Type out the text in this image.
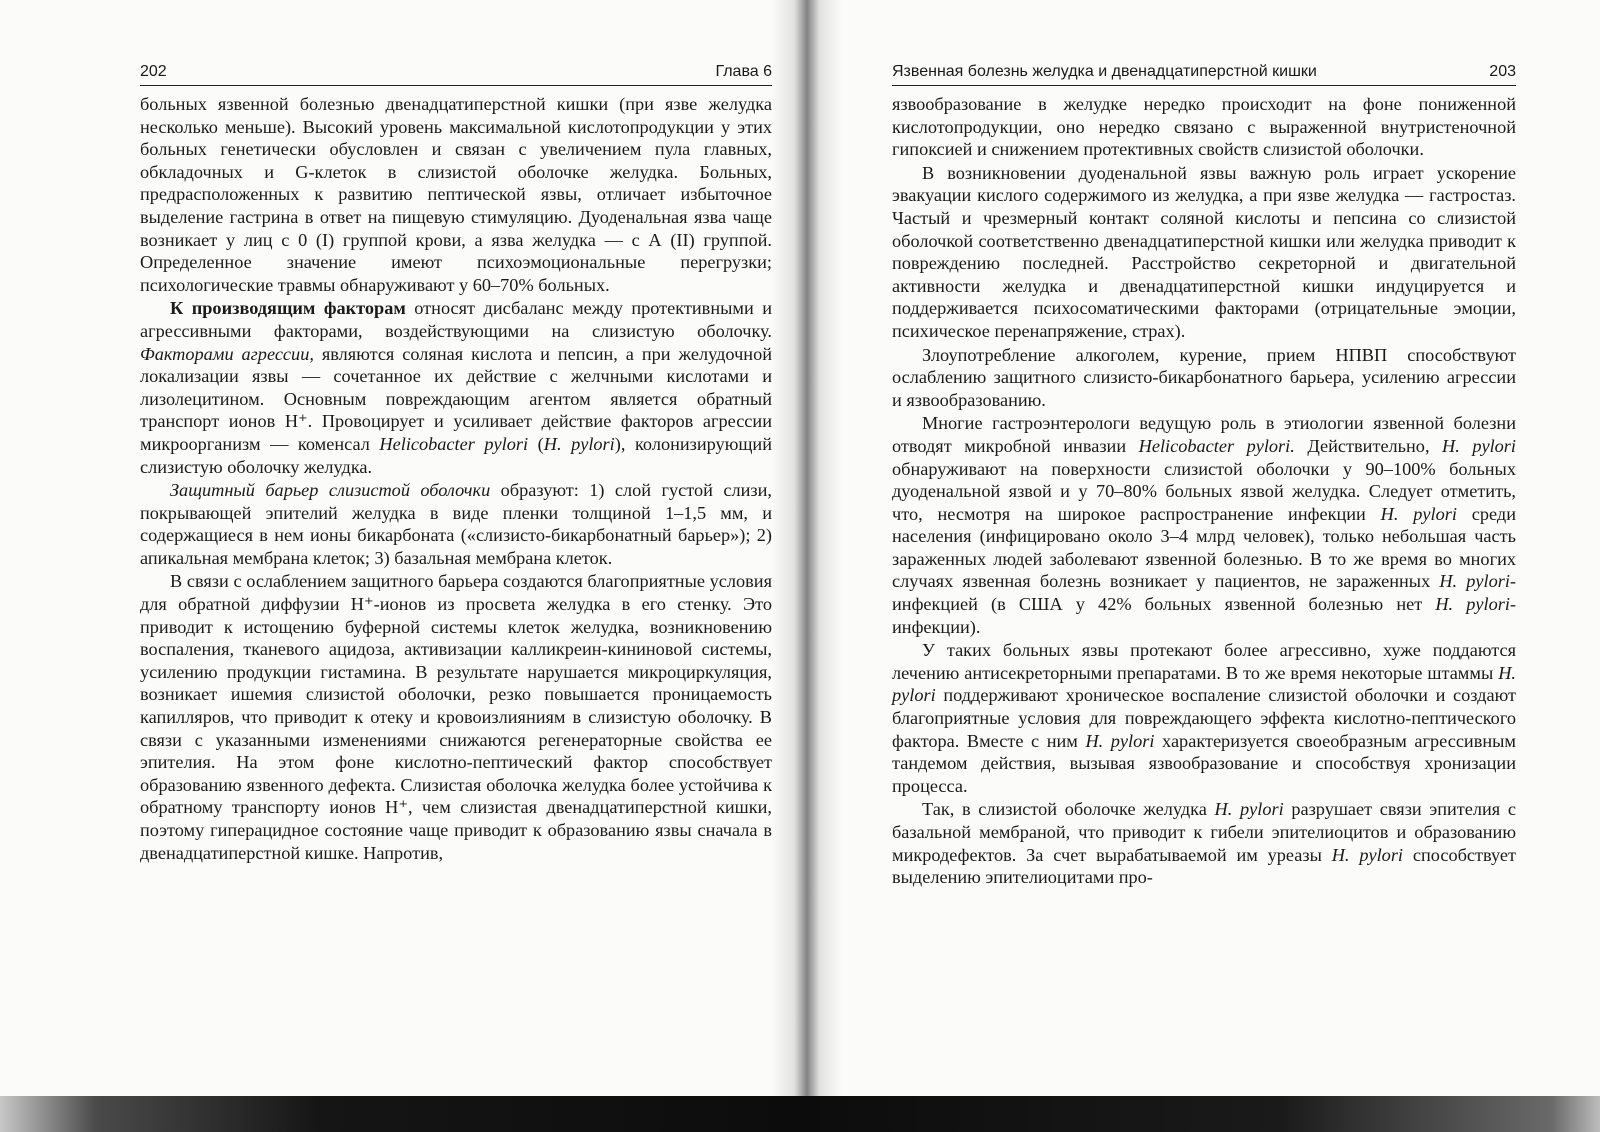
202	Глава 6

больных язвенной болезнью двенадцатиперстной кишки (при язве желудка несколько меньше). Высокий уровень максимальной кислотопродукции у этих больных генетически обусловлен и связан с увеличением пула главных, обкладочных и G-клеток в слизистой оболочке желудка. Больных, предрасположенных к развитию пептической язвы, отличает избыточное выделение гастрина в ответ на пищевую стимуляцию. Дуоденальная язва чаще возникает у лиц с 0 (I) группой крови, а язва желудка — с А (II) группой. Определенное значение имеют психоэмоциональные перегрузки; психологические травмы обнаруживают у 60–70% больных.

К производящим факторам относят дисбаланс между протективными и агрессивными факторами, воздействующими на слизистую оболочку. Факторами агрессии, являются соляная кислота и пепсин, а при желудочной локализации язвы — сочетанное их действие с желчными кислотами и лизолецитином. Основным повреждающим агентом является обратный транспорт ионов Н⁺. Провоцирует и усиливает действие факторов агрессии микроорганизм — коменсал Helicobacter pylori (H. pylori), колонизирующий слизистую оболочку желудка.

Защитный барьер слизистой оболочки образуют: 1) слой густой слизи, покрывающей эпителий желудка в виде пленки толщиной 1–1,5 мм, и содержащиеся в нем ионы бикарбоната («слизисто-бикарбонатный барьер»); 2) апикальная мембрана клеток; 3) базальная мембрана клеток.

В связи с ослаблением защитного барьера создаются благоприятные условия для обратной диффузии Н⁺-ионов из просвета желудка в его стенку. Это приводит к истощению буферной системы клеток желудка, возникновению воспаления, тканевого ацидоза, активизации калликреин-кининовой системы, усилению продукции гистамина. В результате нарушается микроциркуляция, возникает ишемия слизистой оболочки, резко повышается проницаемость капилляров, что приводит к отеку и кровоизлияниям в слизистую оболочку. В связи с указанными изменениями снижаются регенераторные свойства ее эпителия. На этом фоне кислотно-пептический фактор способствует образованию язвенного дефекта. Слизистая оболочка желудка более устойчива к обратному транспорту ионов Н⁺, чем слизистая двенадцатиперстной кишки, поэтому гиперацидное состояние чаще приводит к образованию язвы сначала в двенадцатиперстной кишке. Напротив,

Язвенная болезнь желудка и двенадцатиперстной кишки	203

язвообразование в желудке нередко происходит на фоне пониженной кислотопродукции, оно нередко связано с выраженной внутристеночной гипоксией и снижением протективных свойств слизистой оболочки.

В возникновении дуоденальной язвы важную роль играет ускорение эвакуации кислого содержимого из желудка, а при язве желудка — гастростаз. Частый и чрезмерный контакт соляной кислоты и пепсина со слизистой оболочкой соответственно двенадцатиперстной кишки или желудка приводит к повреждению последней. Расстройство секреторной и двигательной активности желудка и двенадцатиперстной кишки индуцируется и поддерживается психосоматическими факторами (отрицательные эмоции, психическое перенапряжение, страх).

Злоупотребление алкоголем, курение, прием НПВП способствуют ослаблению защитного слизисто-бикарбонатного барьера, усилению агрессии и язвообразованию.

Многие гастроэнтерологи ведущую роль в этиологии язвенной болезни отводят микробной инвазии Helicobacter pylori. Действительно, H. pylori обнаруживают на поверхности слизистой оболочки у 90–100% больных дуоденальной язвой и у 70–80% больных язвой желудка. Следует отметить, что, несмотря на широкое распространение инфекции H. pylori среди населения (инфицировано около 3–4 млрд человек), только небольшая часть зараженных людей заболевают язвенной болезнью. В то же время во многих случаях язвенная болезнь возникает у пациентов, не зараженных H. pylori-инфекцией (в США у 42% больных язвенной болезнью нет H. pylori-инфекции).

У таких больных язвы протекают более агрессивно, хуже поддаются лечению антисекреторными препаратами. В то же время некоторые штаммы H. pylori поддерживают хроническое воспаление слизистой оболочки и создают благоприятные условия для повреждающего эффекта кислотно-пептического фактора. Вместе с ним H. pylori характеризуется своеобразным агрессивным тандемом действия, вызывая язвообразование и способствуя хронизации процесса.

Так, в слизистой оболочке желудка H. pylori разрушает связи эпителия с базальной мембраной, что приводит к гибели эпителиоцитов и образованию микродефектов. За счет вырабатываемой им уреазы H. pylori способствует выделению эпителиоцитами про-
